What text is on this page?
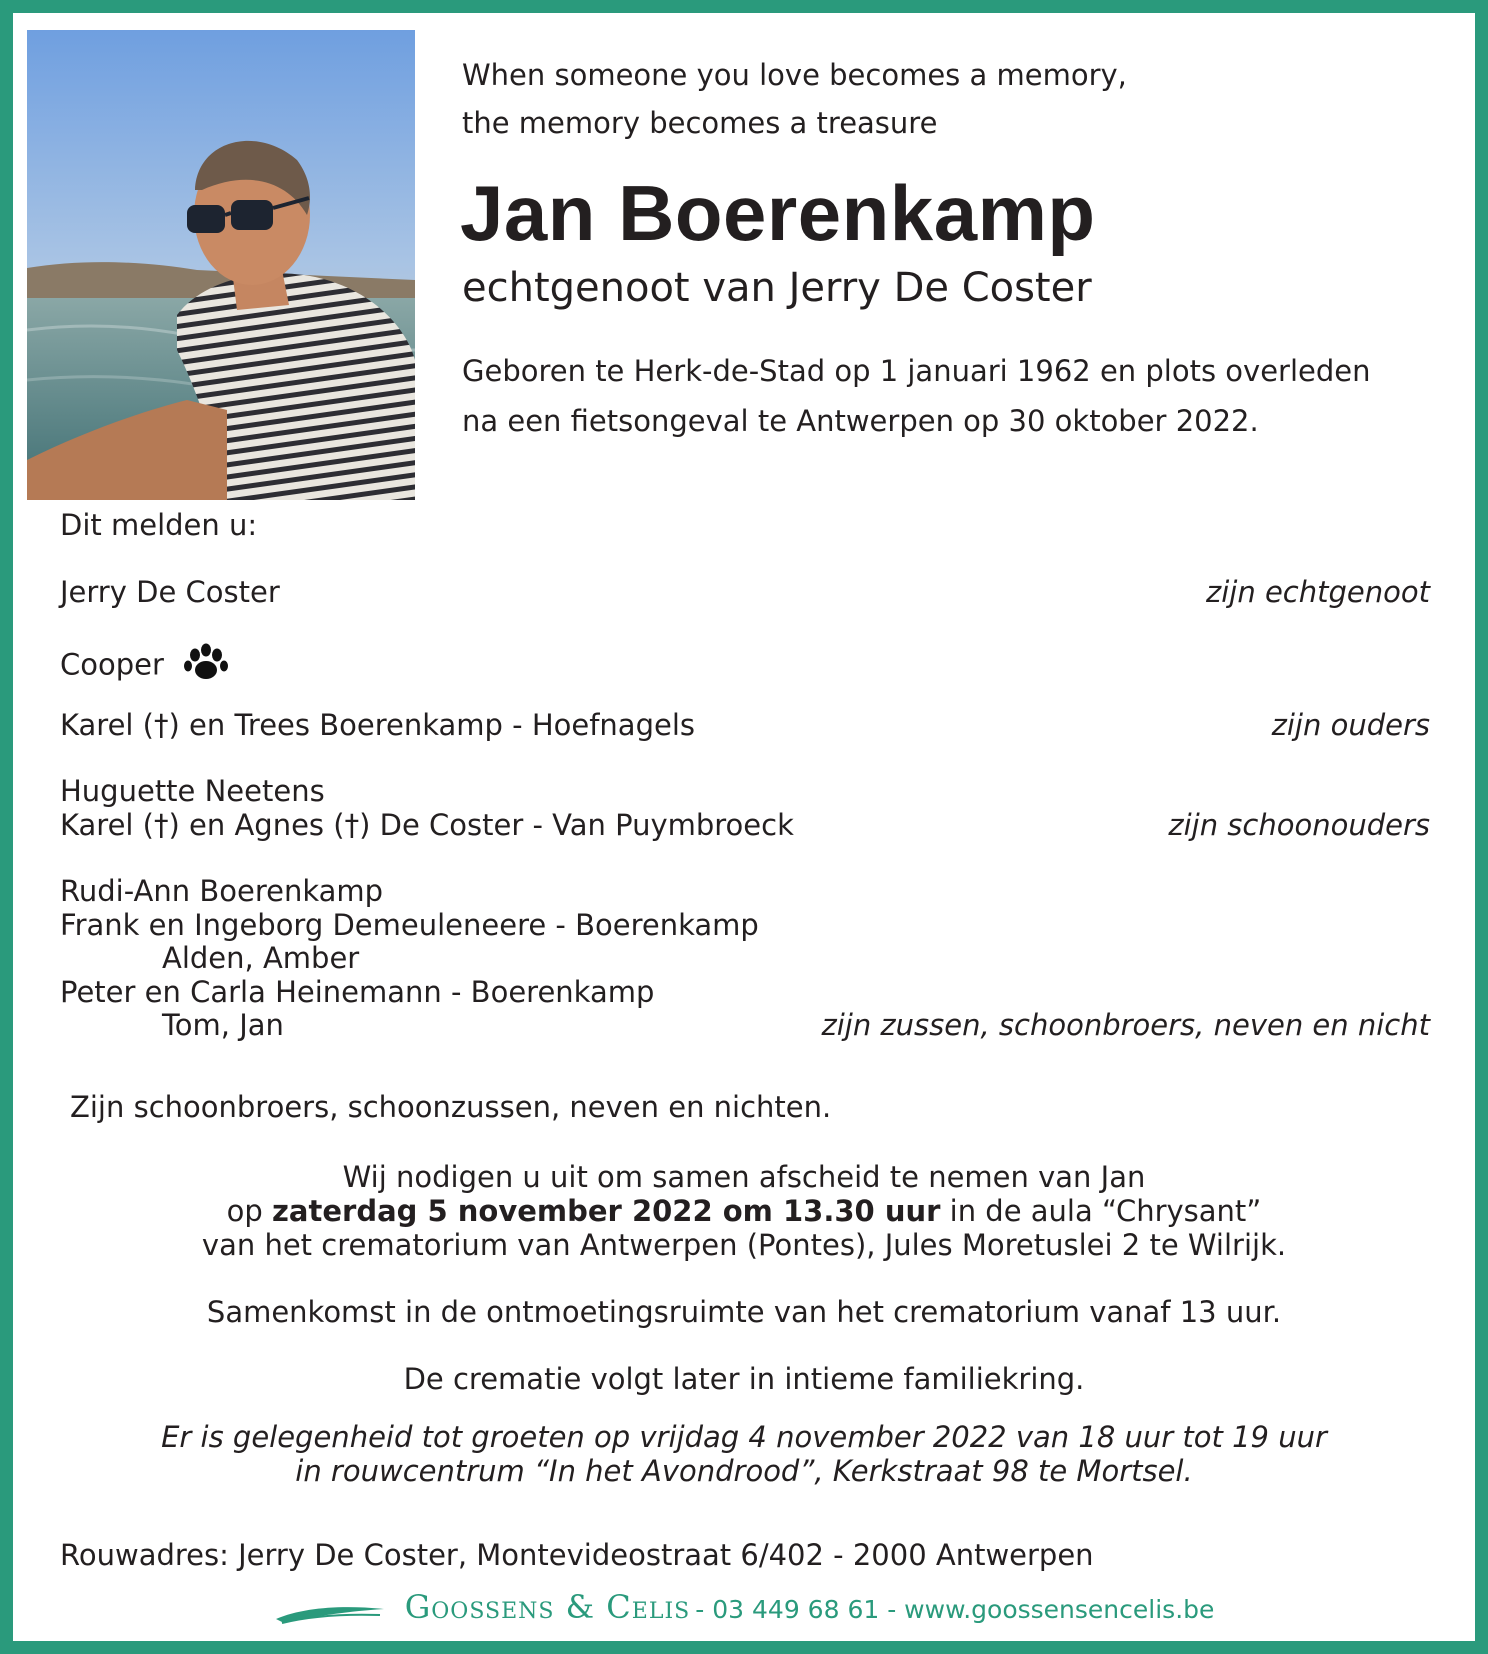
When someone you love becomes a memory,
the memory becomes a treasure
Jan Boerenkamp
echtgenoot van Jerry De Coster
Geboren te Herk-de-Stad op 1 januari 1962 en plots overleden
na een fietsongeval te Antwerpen op 30 oktober 2022.
Dit melden u:
Jerry De Coster	zijn echtgenoot
Cooper
Karel (†) en Trees Boerenkamp - Hoefnagels	zijn ouders
Huguette Neetens
Karel (†) en Agnes (†) De Coster - Van Puymbroeck	zijn schoonouders
Rudi-Ann Boerenkamp
Frank en Ingeborg Demeuleneere - Boerenkamp
Alden, Amber
Peter en Carla Heinemann - Boerenkamp
Tom, Jan	zijn zussen, schoonbroers, neven en nicht
Zijn schoonbroers, schoonzussen, neven en nichten.
Wij nodigen u uit om samen afscheid te nemen van Jan
op zaterdag 5 november 2022 om 13.30 uur in de aula “Chrysant”
van het crematorium van Antwerpen (Pontes), Jules Moretuslei 2 te Wilrijk.
Samenkomst in de ontmoetingsruimte van het crematorium vanaf 13 uur.
De crematie volgt later in intieme familiekring.
Er is gelegenheid tot groeten op vrijdag 4 november 2022 van 18 uur tot 19 uur
in rouwcentrum “In het Avondrood”, Kerkstraat 98 te Mortsel.
Rouwadres: Jerry De Coster, Montevideostraat 6/402 - 2000 Antwerpen
Goossens & Celis - 03 449 68 61 - www.goossensencelis.be
